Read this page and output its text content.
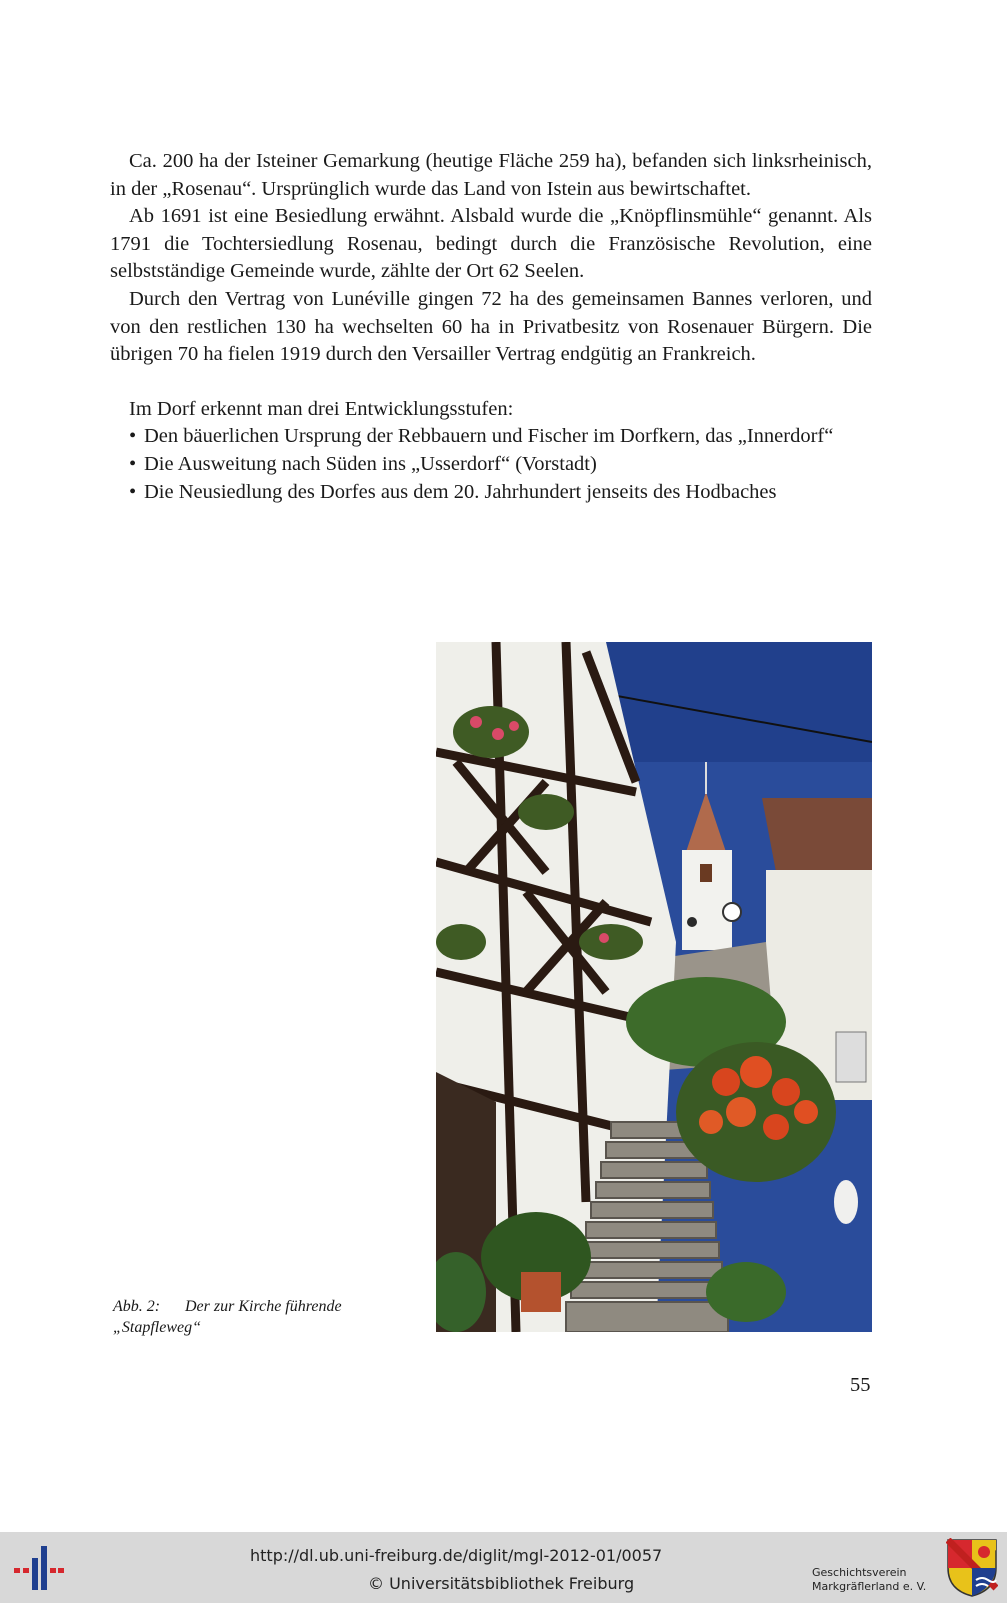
Ca. 200 ha der Isteiner Gemarkung (heutige Fläche 259 ha), befanden sich linksrheinisch, in der „Rosenau“. Ursprünglich wurde das Land von Istein aus bewirtschaftet.

Ab 1691 ist eine Besiedlung erwähnt. Alsbald wurde die „Knöpflinsmühle“ genannt. Als 1791 die Tochtersiedlung Rosenau, bedingt durch die Französische Revolution, eine selbstständige Gemeinde wurde, zählte der Ort 62 Seelen.

Durch den Vertrag von Lunéville gingen 72 ha des gemeinsamen Bannes verloren, und von den restlichen 130 ha wechselten 60 ha in Privatbesitz von Rosenauer Bürgern. Die übrigen 70 ha fielen 1919 durch den Versailler Vertrag endgütig an Frankreich.

Im Dorf erkennt man drei Entwicklungsstufen:

• Den bäuerlichen Ursprung der Rebbauern und Fischer im Dorfkern, das „Innerdorf“
• Die Ausweitung nach Süden ins „Usserdorf“ (Vorstadt)
• Die Neusiedlung des Dorfes aus dem 20. Jahrhundert jenseits des Hodbaches
Abb. 2: Der zur Kirche führende „Stapfleweg“
55
http://dl.ub.uni-freiburg.de/diglit/mgl-2012-01/0057
© Universitätsbibliothek Freiburg
Geschichtsverein
Markgräflerland e. V.
